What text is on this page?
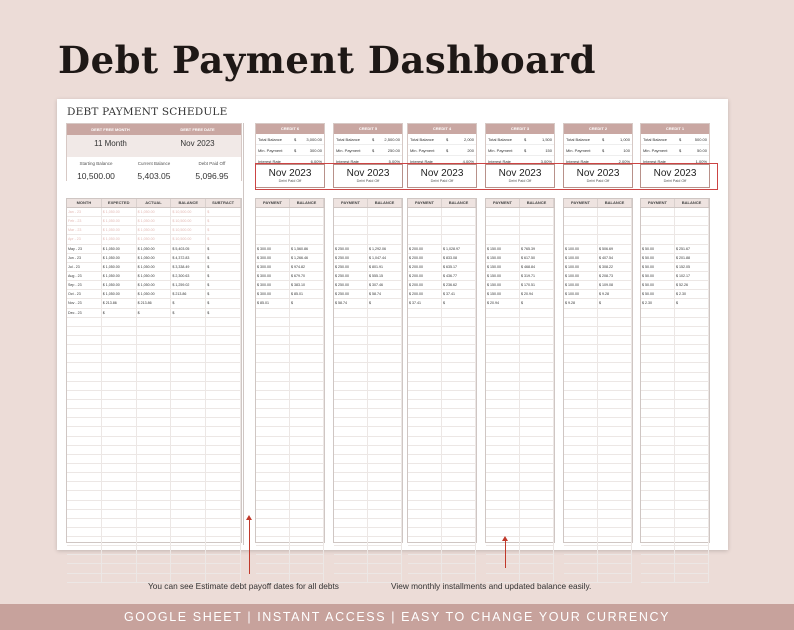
Debt Payment Dashboard
DEBT PAYMENT SCHEDULE
DEBT FREE MONTH	DEBT FREE DATE
11 Month	Nov 2023
Starting Balance	Current Balance	Debt Paid Off
10,500.00	5,403.05	5,096.95
CREDIT 6
Total Balance	$	3,000.00
Min. Payment	$	300.00
Interest Rate	6.00%
Nov 2023
Debt Paid Off
CREDIT 5
Total Balance	$	2,500.00
Min. Payment	$	250.00
Interest Rate	5.00%
Nov 2023
Debt Paid Off
CREDIT 4
Total Balance	$	2,000
Min. Payment	$	200
Interest Rate	4.00%
Nov 2023
Debt Paid Off
CREDIT 3
Total Balance	$	1,500
Min. Payment	$	150
Interest Rate	3.00%
Nov 2023
Debt Paid Off
CREDIT 2
Total Balance	$	1,000
Min. Payment	$	100
Interest Rate	2.00%
Nov 2023
Debt Paid Off
CREDIT 1
Total Balance	$	500.00
Min. Payment	$	50.00
Interest Rate	1.00%
Nov 2023
Debt Paid Off
MONTH	EXPECTED	ACTUAL	BALANCE	SUBTRACT
Jan - 23	$ 1,050.00	$ 1,050.00	$ 10,500.00	$
Feb - 23	$ 1,050.00	$ 1,050.00	$ 10,500.00	$
Mar - 23	$ 1,050.00	$ 1,050.00	$ 10,500.00	$
Apr - 23	$ 1,050.00	$ 1,050.00	$ 10,500.00	$
May - 23	$ 1,050.00	$ 1,050.00	$ 5,403.05	$
Jun - 23	$ 1,050.00	$ 1,050.00	$ 4,372.83	$
Jul - 23	$ 1,050.00	$ 1,050.00	$ 3,338.49	$
Aug - 23	$ 1,050.00	$ 1,050.00	$ 2,300.63	$
Sep - 23	$ 1,050.00	$ 1,050.00	$ 1,259.02	$
Oct - 23	$ 1,050.00	$ 1,050.00	$ 213.86	$
Nov - 23	$ 213.86	$ 213.86	$	$
Dec - 23	$	$	$	$
PAYMENT	BALANCE
$ 300.00	$ 1,560.86
$ 300.00	$ 1,266.46
$ 300.00	$ 974.82
$ 300.00	$ 679.70
$ 300.00	$ 383.10
$ 300.00	$ 85.01
$ 85.01	$
PAYMENT	BALANCE
$ 250.00	$ 1,292.06
$ 250.00	$ 1,047.44
$ 250.00	$ 801.91
$ 250.00	$ 555.15
$ 250.00	$ 307.46
$ 250.00	$ 58.74
$ 58.74	$
PAYMENT	BALANCE
$ 200.00	$ 1,028.97
$ 200.00	$ 833.08
$ 200.00	$ 635.17
$ 200.00	$ 436.77
$ 200.00	$ 236.62
$ 200.00	$ 37.41
$ 37.41	$
PAYMENT	BALANCE
$ 150.00	$ 765.39
$ 150.00	$ 617.50
$ 150.00	$ 468.84
$ 150.00	$ 319.71
$ 150.00	$ 170.51
$ 150.00	$ 20.94
$ 20.94	$
PAYMENT	BALANCE
$ 100.00	$ 506.69
$ 100.00	$ 407.54
$ 100.00	$ 308.22
$ 100.00	$ 208.73
$ 100.00	$ 109.08
$ 100.00	$ 9.28
$ 9.28	$
PAYMENT	BALANCE
$ 50.00	$ 251.67
$ 50.00	$ 201.88
$ 50.00	$ 152.05
$ 50.00	$ 102.17
$ 50.00	$ 52.26
$ 50.00	$ 2.30
$ 2.30	$
You can see Estimate debt payoff dates for all debts	View monthly installments and updated balance easily.
GOOGLE SHEET | INSTANT ACCESS | EASY TO CHANGE YOUR CURRENCY
